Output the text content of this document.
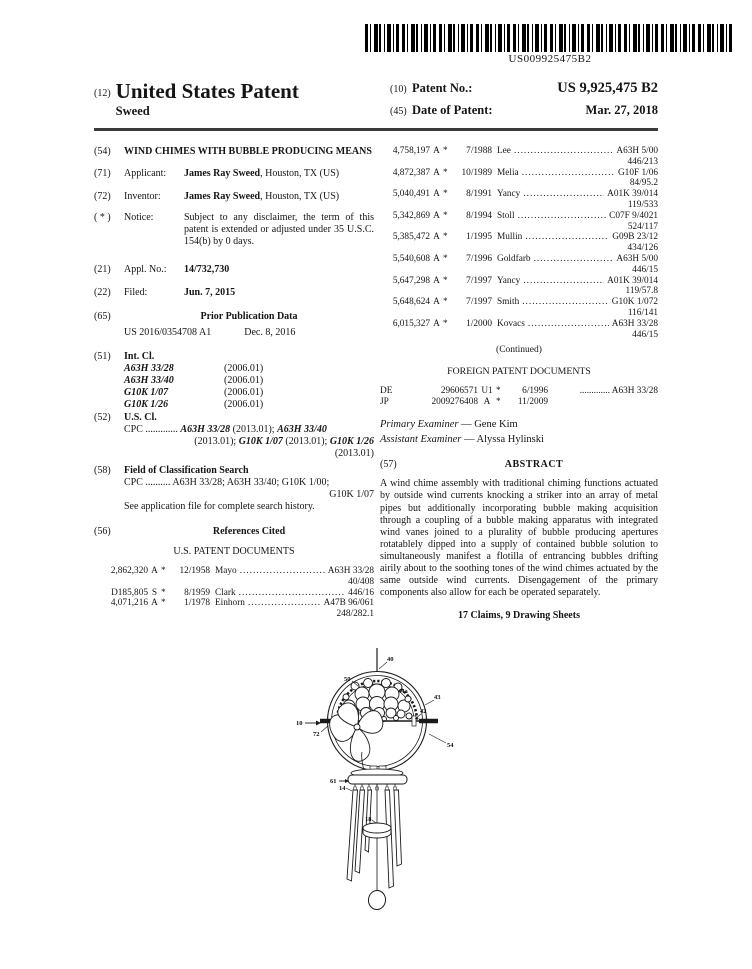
US009925475B2
(12) United States Patent
Sweed
(10) Patent No.:	US 9,925,475 B2
(45) Date of Patent:	Mar. 27, 2018
(54)	WIND CHIMES WITH BUBBLE PRODUCING MEANS
(71)	Applicant:	James Ray Sweed, Houston, TX (US)
(72)	Inventor:	James Ray Sweed, Houston, TX (US)
( * )	Notice:	Subject to any disclaimer, the term of this patent is extended or adjusted under 35 U.S.C. 154(b) by 0 days.
(21)	Appl. No.:	14/732,730
(22)	Filed:	Jun. 7, 2015
(65)	Prior Publication Data
US 2016/0354708 A1	Dec. 8, 2016
(51)	Int. Cl.
A63H 33/28	(2006.01)
A63H 33/40	(2006.01)
G10K 1/07	(2006.01)
G10K 1/26	(2006.01)
(52)	U.S. Cl.
CPC ............. A63H 33/28 (2013.01); A63H 33/40
(2013.01); G10K 1/07 (2013.01); G10K 1/26
(2013.01)
(58)	Field of Classification Search
CPC .......... A63H 33/28; A63H 33/40; G10K 1/00;
G10K 1/07
See application file for complete search history.
(56)	References Cited
U.S. PATENT DOCUMENTS
2,862,320 A *	12/1958 Mayo .....	A63H 33/28
40/408
D185,805 S *	8/1959 Clark .....	446/16
4,071,216 A *	1/1978 Einhorn .....	A47B 96/061
248/282.1
4,758,197 A *	7/1988 Lee .....	A63H 5/00
446/213
4,872,387 A *	10/1989 Melia .....	G10F 1/06
84/95.2
5,040,491 A *	8/1991 Yancy .....	A01K 39/014
119/533
5,342,869 A *	8/1994 Stoll .....	C07F 9/4021
524/117
5,385,472 A *	1/1995 Mullin .....	G09B 23/12
434/126
5,540,608 A *	7/1996 Goldfarb .....	A63H 5/00
446/15
5,647,298 A *	7/1997 Yancy .....	A01K 39/014
119/57.8
5,648,624 A *	7/1997 Smith .....	G10K 1/072
116/141
6,015,327 A *	1/2000 Kovacs .....	A63H 33/28
446/15
(Continued)
FOREIGN PATENT DOCUMENTS
DE	29606571 U1 *	6/1996	............. A63H 33/28
JP	2009276408 A *	11/2009
Primary Examiner — Gene Kim
Assistant Examiner — Alyssa Hylinski
(57)	ABSTRACT
A wind chime assembly with traditional chiming functions actuated by outside wind currents knocking a striker into an array of metal pipes but additionally incorporating bubble making acquisition through a coupling of a bubble making apparatus with integrated wind vanes joined to a plurality of bubble producing apertures rotatablely dipped into a supply of contained bubble solution to simultaneously manifest a flotilla of entrancing bubbles drifting airily about to the soothing tones of the wind chimes actuated by the same outside wind currents. Disengagement of the primary components also allow for each be operated separately.
17 Claims, 9 Drawing Sheets
40
50
44a
43
42
10
72
54
61
14
18
